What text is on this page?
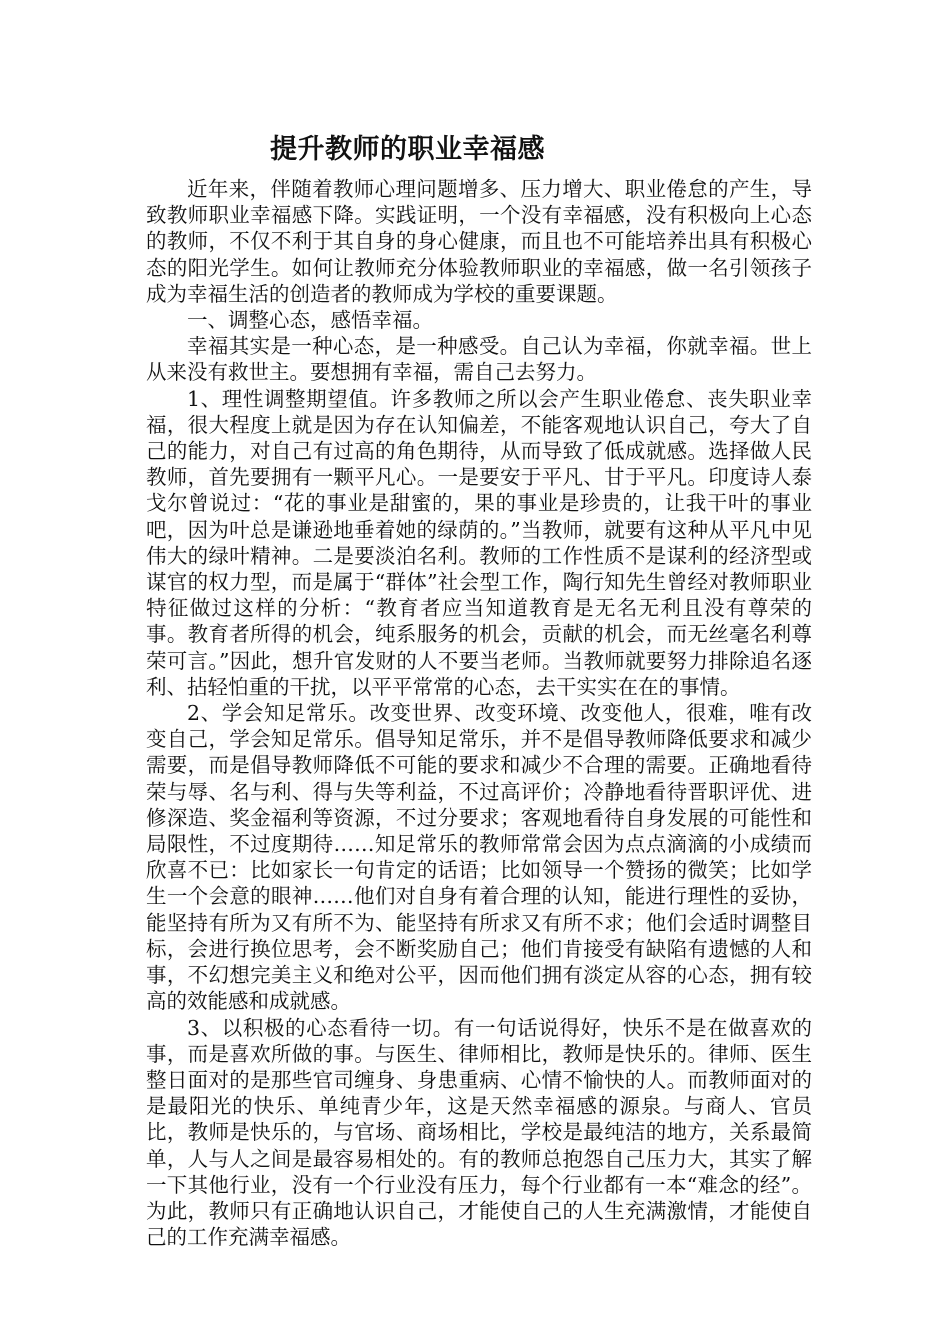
提升教师的职业幸福感

近年来，伴随着教师心理问题增多、压力增大、职业倦怠的产生，导致教师职业幸福感下降。实践证明，一个没有幸福感，没有积极向上心态的教师，不仅不利于其自身的身心健康，而且也不可能培养出具有积极心态的阳光学生。如何让教师充分体验教师职业的幸福感，做一名引领孩子成为幸福生活的创造者的教师成为学校的重要课题。

一、调整心态，感悟幸福。

幸福其实是一种心态，是一种感受。自己认为幸福，你就幸福。世上从来没有救世主。要想拥有幸福，需自己去努力。

1、理性调整期望值。许多教师之所以会产生职业倦怠、丧失职业幸福，很大程度上就是因为存在认知偏差，不能客观地认识自己，夸大了自己的能力，对自己有过高的角色期待，从而导致了低成就感。选择做人民教师，首先要拥有一颗平凡心。一是要安于平凡、甘于平凡。印度诗人泰戈尔曾说过：“花的事业是甜蜜的，果的事业是珍贵的，让我干叶的事业吧，因为叶总是谦逊地垂着她的绿荫的。”当教师，就要有这种从平凡中见伟大的绿叶精神。二是要淡泊名利。教师的工作性质不是谋利的经济型或谋官的权力型，而是属于“群体”社会型工作，陶行知先生曾经对教师职业特征做过这样的分析：“教育者应当知道教育是无名无利且没有尊荣的事。教育者所得的机会，纯系服务的机会，贡献的机会，而无丝毫名利尊荣可言。”因此，想升官发财的人不要当老师。当教师就要努力排除追名逐利、拈轻怕重的干扰，以平平常常的心态，去干实实在在的事情。

2、学会知足常乐。改变世界、改变环境、改变他人，很难，唯有改变自己，学会知足常乐。倡导知足常乐，并不是倡导教师降低要求和减少需要，而是倡导教师降低不可能的要求和减少不合理的需要。正确地看待荣与辱、名与利、得与失等利益，不过高评价；冷静地看待晋职评优、进修深造、奖金福利等资源，不过分要求；客观地看待自身发展的可能性和局限性，不过度期待……知足常乐的教师常常会因为点点滴滴的小成绩而欣喜不已：比如家长一句肯定的话语；比如领导一个赞扬的微笑；比如学生一个会意的眼神……他们对自身有着合理的认知，能进行理性的妥协，能坚持有所为又有所不为、能坚持有所求又有所不求；他们会适时调整目标，会进行换位思考，会不断奖励自己；他们肯接受有缺陷有遗憾的人和事，不幻想完美主义和绝对公平，因而他们拥有淡定从容的心态，拥有较高的效能感和成就感。

3、以积极的心态看待一切。有一句话说得好，快乐不是在做喜欢的事，而是喜欢所做的事。与医生、律师相比，教师是快乐的。律师、医生整日面对的是那些官司缠身、身患重病、心情不愉快的人。而教师面对的是最阳光的快乐、单纯青少年，这是天然幸福感的源泉。与商人、官员比，教师是快乐的，与官场、商场相比，学校是最纯洁的地方，关系最简单，人与人之间是最容易相处的。有的教师总抱怨自己压力大，其实了解一下其他行业，没有一个行业没有压力，每个行业都有一本“难念的经”。为此，教师只有正确地认识自己，才能使自己的人生充满激情，才能使自己的工作充满幸福感。
